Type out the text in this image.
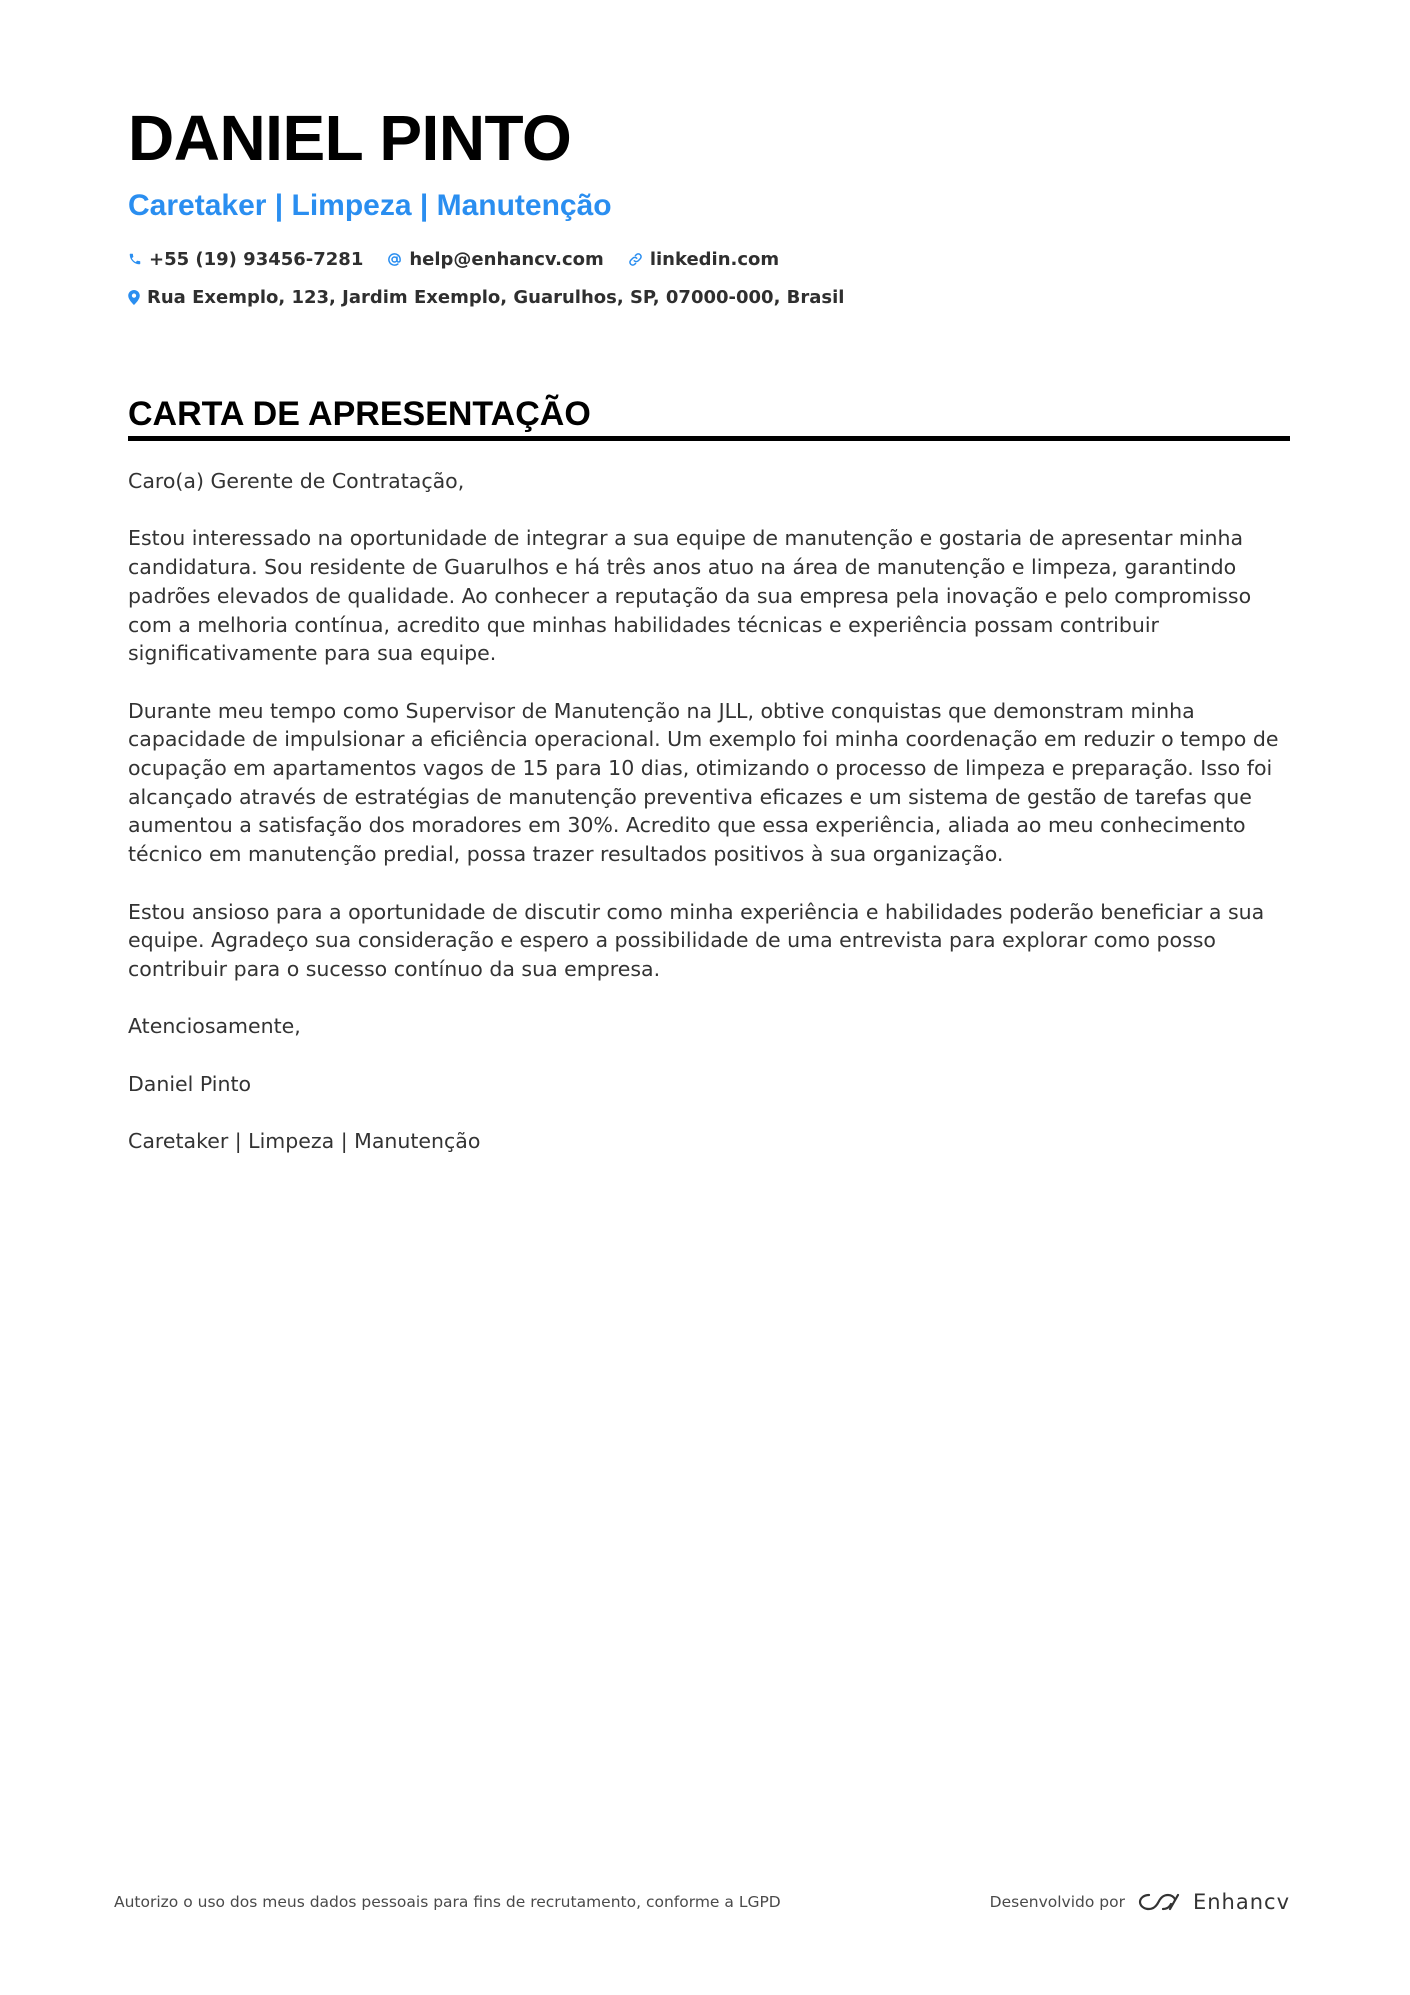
DANIEL PINTO
Caretaker | Limpeza | Manutenção
+55 (19) 93456-7281	help@enhancv.com	linkedin.com
Rua Exemplo, 123, Jardim Exemplo, Guarulhos, SP, 07000-000, Brasil
CARTA DE APRESENTAÇÃO

Caro(a) Gerente de Contratação,

Estou interessado na oportunidade de integrar a sua equipe de manutenção e gostaria de apresentar minha candidatura. Sou residente de Guarulhos e há três anos atuo na área de manutenção e limpeza, garantindo padrões elevados de qualidade. Ao conhecer a reputação da sua empresa pela inovação e pelo compromisso com a melhoria contínua, acredito que minhas habilidades técnicas e experiência possam contribuir significativamente para sua equipe.

Durante meu tempo como Supervisor de Manutenção na JLL, obtive conquistas que demonstram minha capacidade de impulsionar a eficiência operacional. Um exemplo foi minha coordenação em reduzir o tempo de ocupação em apartamentos vagos de 15 para 10 dias, otimizando o processo de limpeza e preparação. Isso foi alcançado através de estratégias de manutenção preventiva eficazes e um sistema de gestão de tarefas que aumentou a satisfação dos moradores em 30%. Acredito que essa experiência, aliada ao meu conhecimento técnico em manutenção predial, possa trazer resultados positivos à sua organização.

Estou ansioso para a oportunidade de discutir como minha experiência e habilidades poderão beneficiar a sua equipe. Agradeço sua consideração e espero a possibilidade de uma entrevista para explorar como posso contribuir para o sucesso contínuo da sua empresa.

Atenciosamente,

Daniel Pinto

Caretaker | Limpeza | Manutenção

Autorizo o uso dos meus dados pessoais para fins de recrutamento, conforme a LGPD	Desenvolvido por	Enhancv
